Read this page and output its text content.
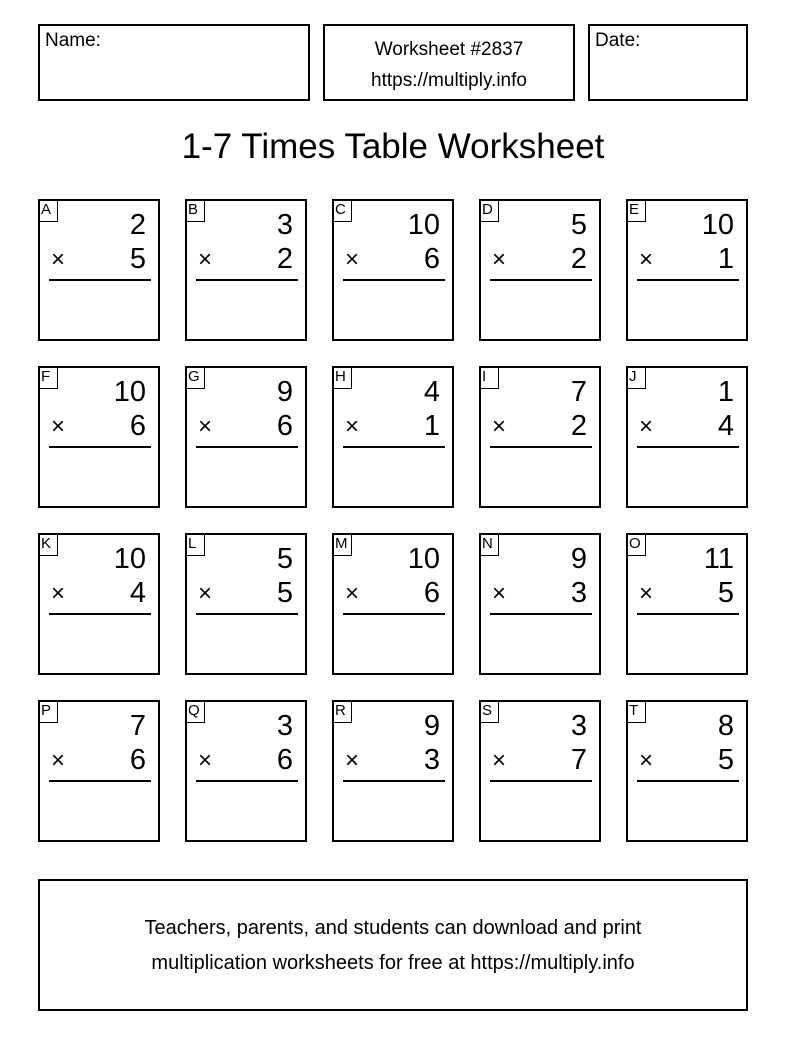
Name:	Worksheet #2837
https://multiply.info
Date:
1-7 Times Table Worksheet
A	2
× 5
B	3
× 2
C 10
× 6
D	5
× 2
E 10
× 1
F 10
× 6
G	9
× 6
H	4
× 1
I	7
× 2
J	1
× 4
K 10
× 4
L	5
× 5
M 10
× 6
N	9
× 3
O 11
× 5
P	7
× 6
Q	3
× 6
R	9
× 3
S	3
× 7
T	8
× 5
Teachers, parents, and students can download and print
multiplication worksheets for free at https://multiply.info
